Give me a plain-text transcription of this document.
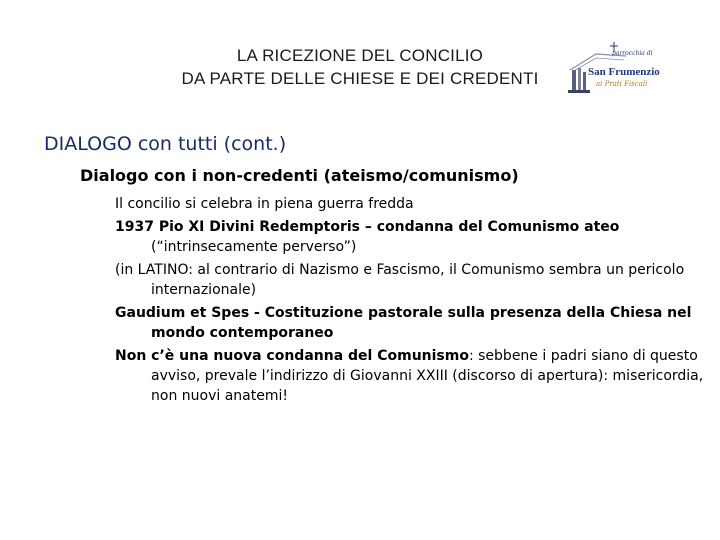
LA RICEZIONE DEL CONCILIO
DA PARTE DELLE CHIESE E DEI CREDENTI
parrocchia di
San Frumenzio
ai Prati Fiscali
DIALOGO con tutti (cont.)
Dialogo con i non-credenti (ateismo/comunismo)

Il concilio si celebra in piena guerra fredda

1937 Pio XI Divini Redemptoris – condanna del Comunismo ateo (“intrinsecamente perverso”)

(in LATINO: al contrario di Nazismo e Fascismo, il Comunismo sembra un pericolo internazionale)

Gaudium et Spes - Costituzione pastorale sulla presenza della Chiesa nel mondo contemporaneo

Non c’è una nuova condanna del Comunismo: sebbene i padri siano di questo avviso, prevale l’indirizzo di Giovanni XXIII (discorso di apertura): misericordia, non nuovi anatemi!
